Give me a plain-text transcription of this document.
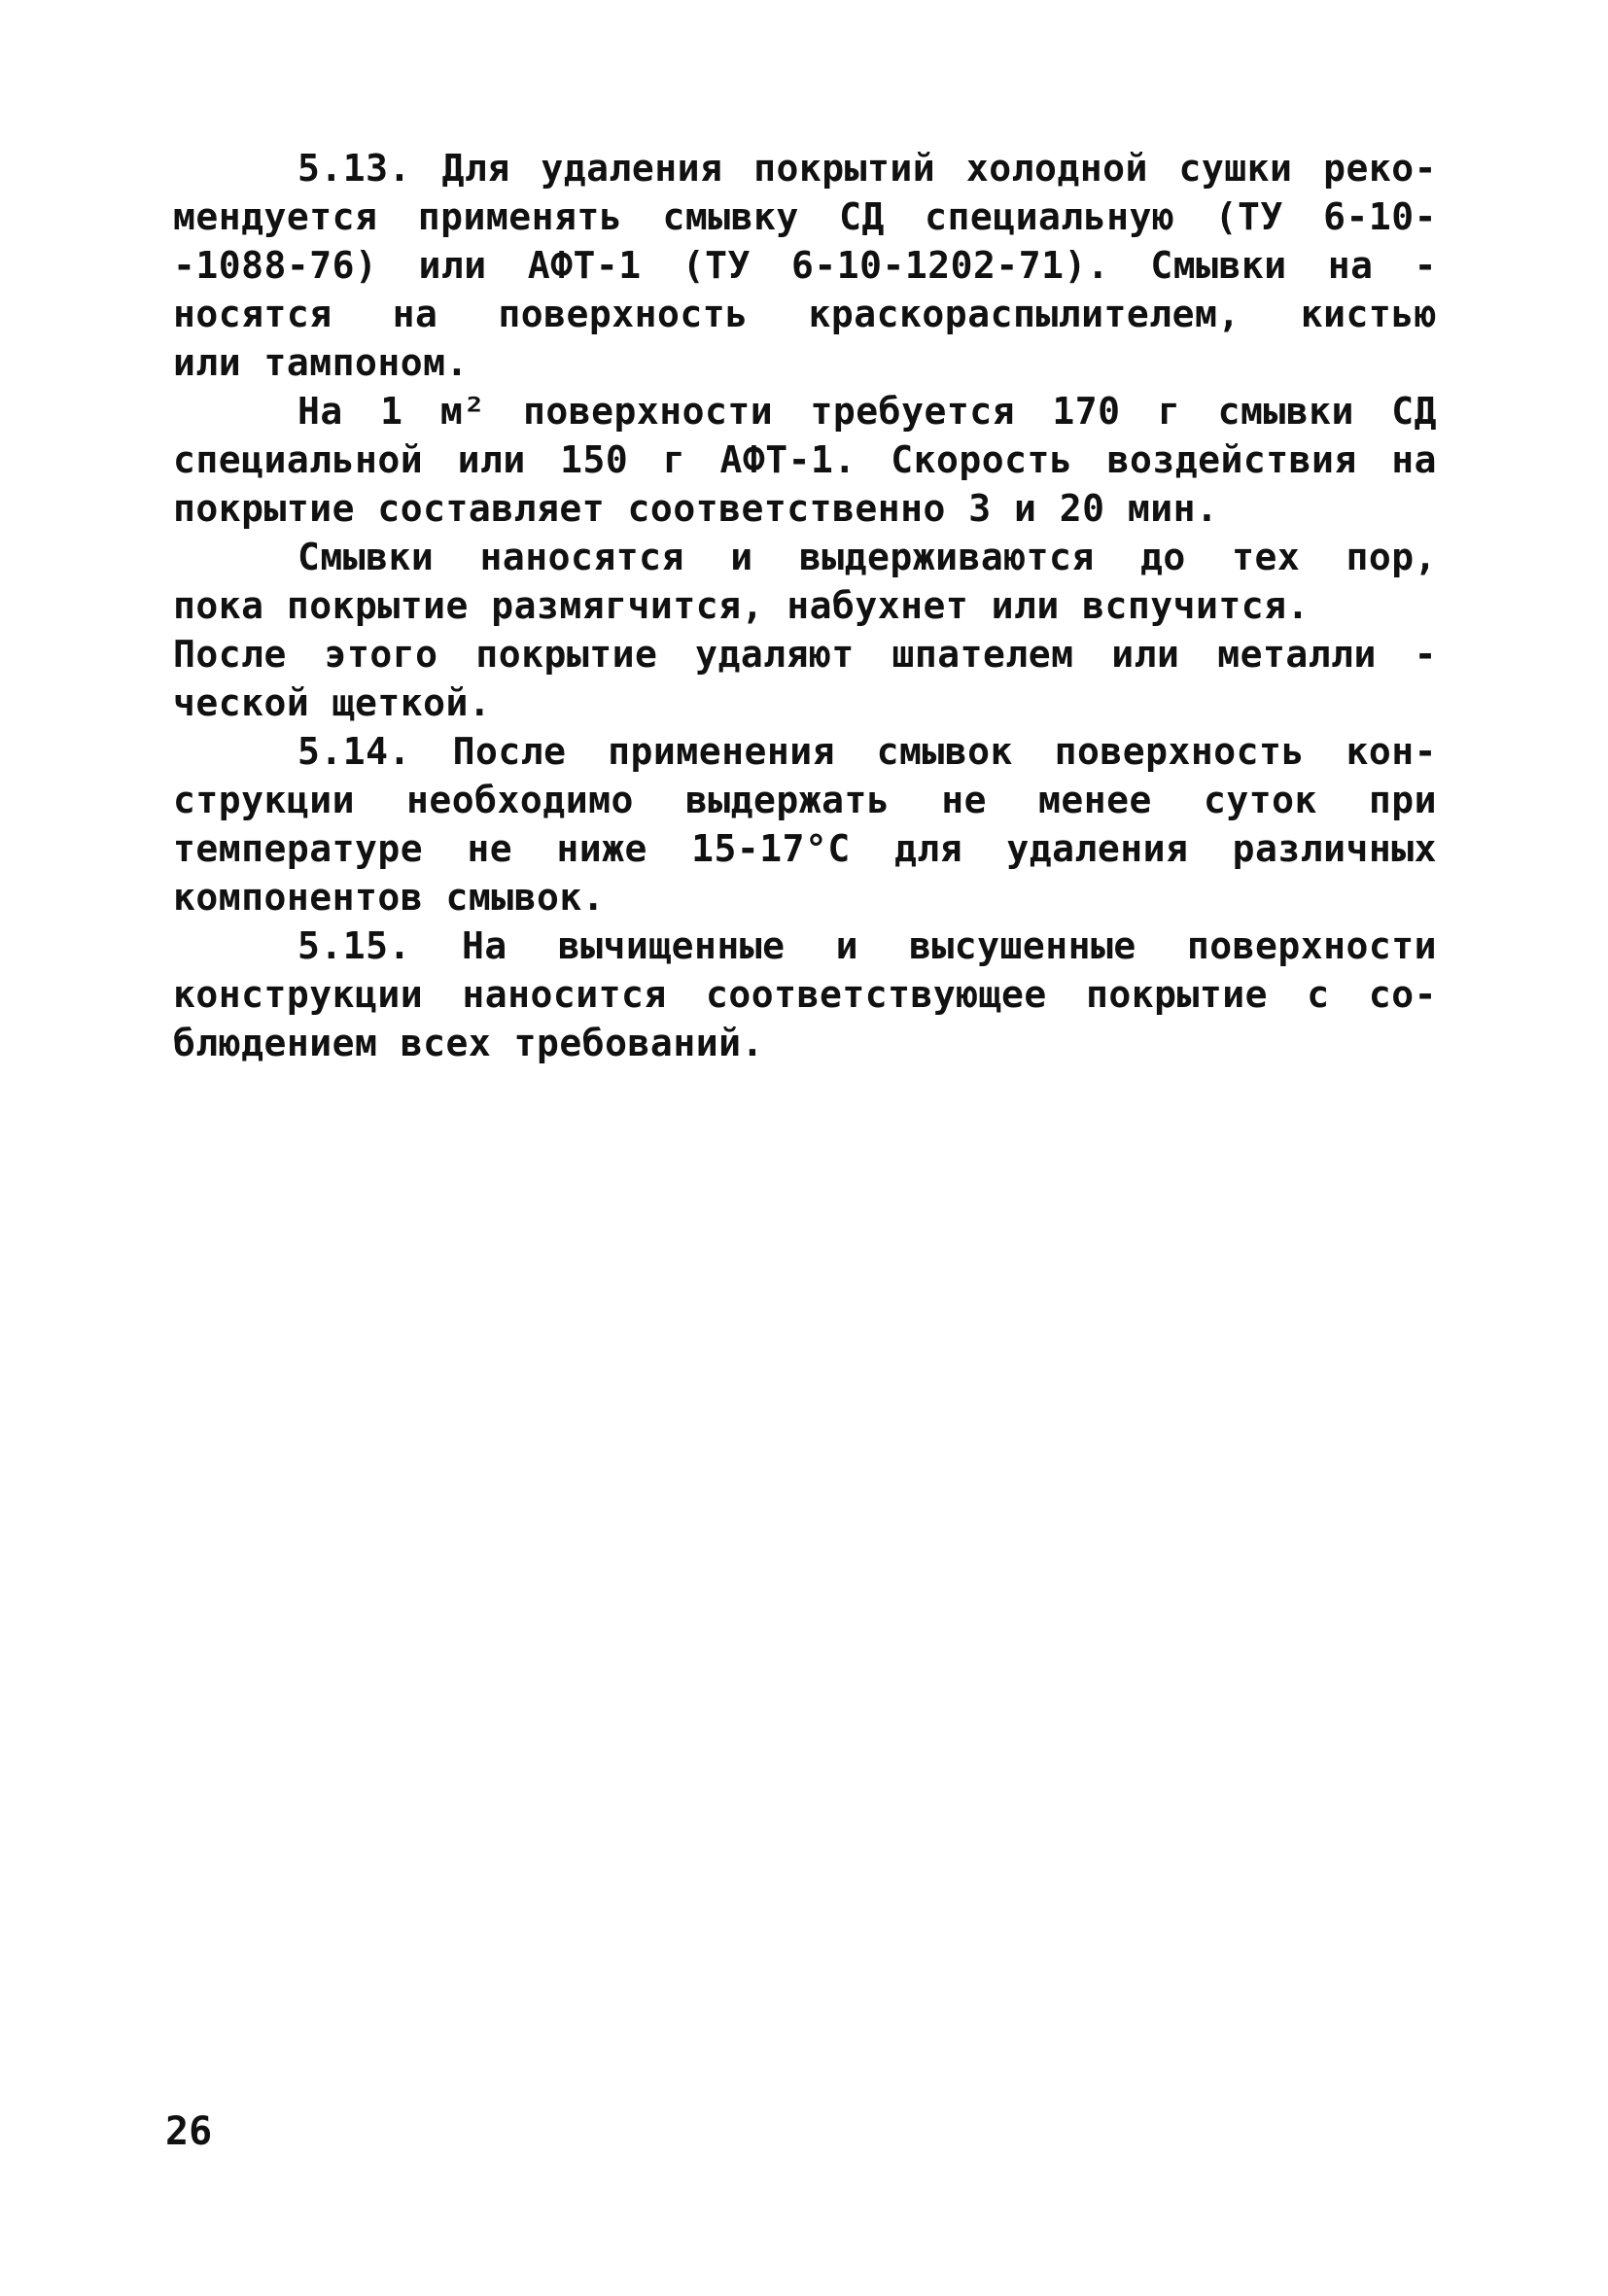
5.13. Для удаления покрытий холодной сушки реко-
мендуется применять смывку СД специальную (ТУ 6-10-
-1088-76) или АФТ-1 (ТУ 6-10-1202-71). Смывки на -
носятся на поверхность краскораспылителем, кистью
или тампоном.
На 1 м² поверхности требуется 170 г смывки СД
специальной или 150 г АФТ-1. Скорость воздействия на
покрытие составляет соответственно 3 и 20 мин.
Смывки наносятся и выдерживаются до тех пор,
пока покрытие размягчится, набухнет или вспучится.
После этого покрытие удаляют шпателем или металли -
ческой щеткой.
5.14. После применения смывок поверхность кон-
струкции необходимо выдержать не менее суток при
температуре не ниже 15-17°С для удаления различных
компонентов смывок.
5.15. На вычищенные и высушенные поверхности
конструкции наносится соответствующее покрытие с со-
блюдением всех требований.
26
